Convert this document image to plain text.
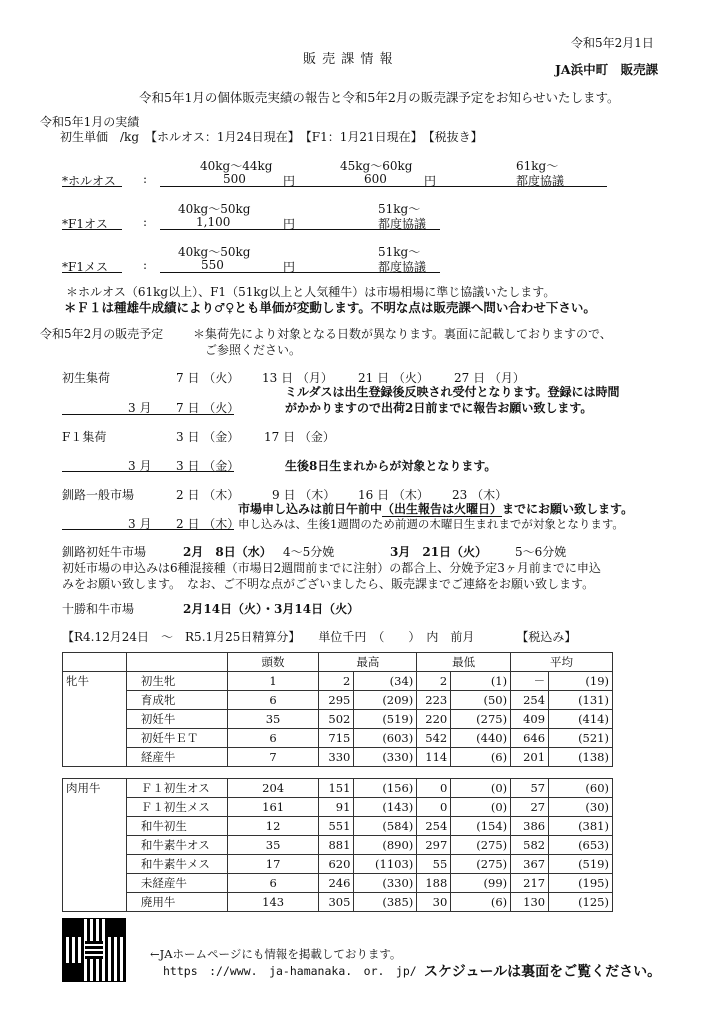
令和5年2月1日
販 売 課 情 報
JA浜中町　販売課
令和5年1月の個体販売実績の報告と令和5年2月の販売課予定をお知らせいたします。
令和5年1月の実績
初生単価　/kg　【ホルオス：1月24日現在】　【F1：1月21日現在】　【税抜き】
40kg～44kg	45kg～60kg	61kg～
*ホルオス :	500	円	600	円	都度協議
40kg～50kg	51kg～
*F1オス	:	1,100	円	都度協議
40kg～50kg	51kg～
*F1メス	:	550	円	都度協議
＊ホルオス（61kg以上）、F1（51kg以上と人気種牛）は市場相場に準じ協議いたします。
＊Ｆ１は種雄牛成績により♂♀とも単価が変動します。不明な点は販売課へ問い合わせ下さい。
令和5年2月の販売予定 ＊集荷先により対象となる日数が異なります。裏面に記載しておりますので、
ご参照ください。
初生集荷	7 日 （火） 13 日 （月） 21 日 （火） 27 日 （月）
ミルダスは出生登録後反映され受付となります。登録には時間
3 月 7 日 （火）	がかかりますので出荷2日前までに報告お願い致します。
F１集荷	3 日 （金） 17 日 （金）
3 月 3 日 （金）	生後8日生まれからが対象となります。
釧路一般市場	2 日 （木）	9 日 （木） 16 日 （木） 23 （木）
市場申し込みは前日午前中（出生報告は火曜日）までにお願い致します。
3 月 2 日 （木）
申し込みは、生後1週間のため前週の木曜日生まれまでが対象となります。
釧路初妊牛市場	2月　8日（水） 4～5分娩	3月　21日（火） 5～6分娩
初妊市場の申込みは6種混接種（市場日2週間前までに注射）の都合上、分娩予定3ヶ月前までに申込
みをお願い致します。　なお、ご不明な点がございましたら、販売課までご連絡をお願い致します。
十勝和牛市場	2月14日（火）・3月14日（火）
【R4.12月24日　～　R5.1月25日精算分】　　単位千円　（　　）　内　前月　　　　【税込み】
		頭数	最高		最低		平均	
牝牛	初生牝	1	2	(34)	2	(1)	－	(19)
	育成牝	6	295	(209)	223	(50)	254	(131)
	初妊牛	35	502	(519)	220	(275)	409	(414)
	初妊牛ＥＴ	6	715	(603)	542	(440)	646	(521)
	経産牛	7	330	(330)	114	(6)	201	(138)
肉用牛	Ｆ１初生オス	204	151	(156)	0	(0)	57	(60)
	Ｆ１初生メス	161	91	(143)	0	(0)	27	(30)
	和牛初生	12	551	(584)	254	(154)	386	(381)
	和牛素牛オス	35	881	(890)	297	(275)	582	(653)
	和牛素牛メス	17	620	(1103)	55	(275)	367	(519)
	未経産牛	6	246	(330)	188	(99)	217	(195)
	廃用牛	143	305	(385)	30	(6)	130	(125)
←JAホームページにも情報を掲載しております。
https　://www.　ja-hamanaka.　or.　jp/ スケジュールは裏面をご覧ください。
